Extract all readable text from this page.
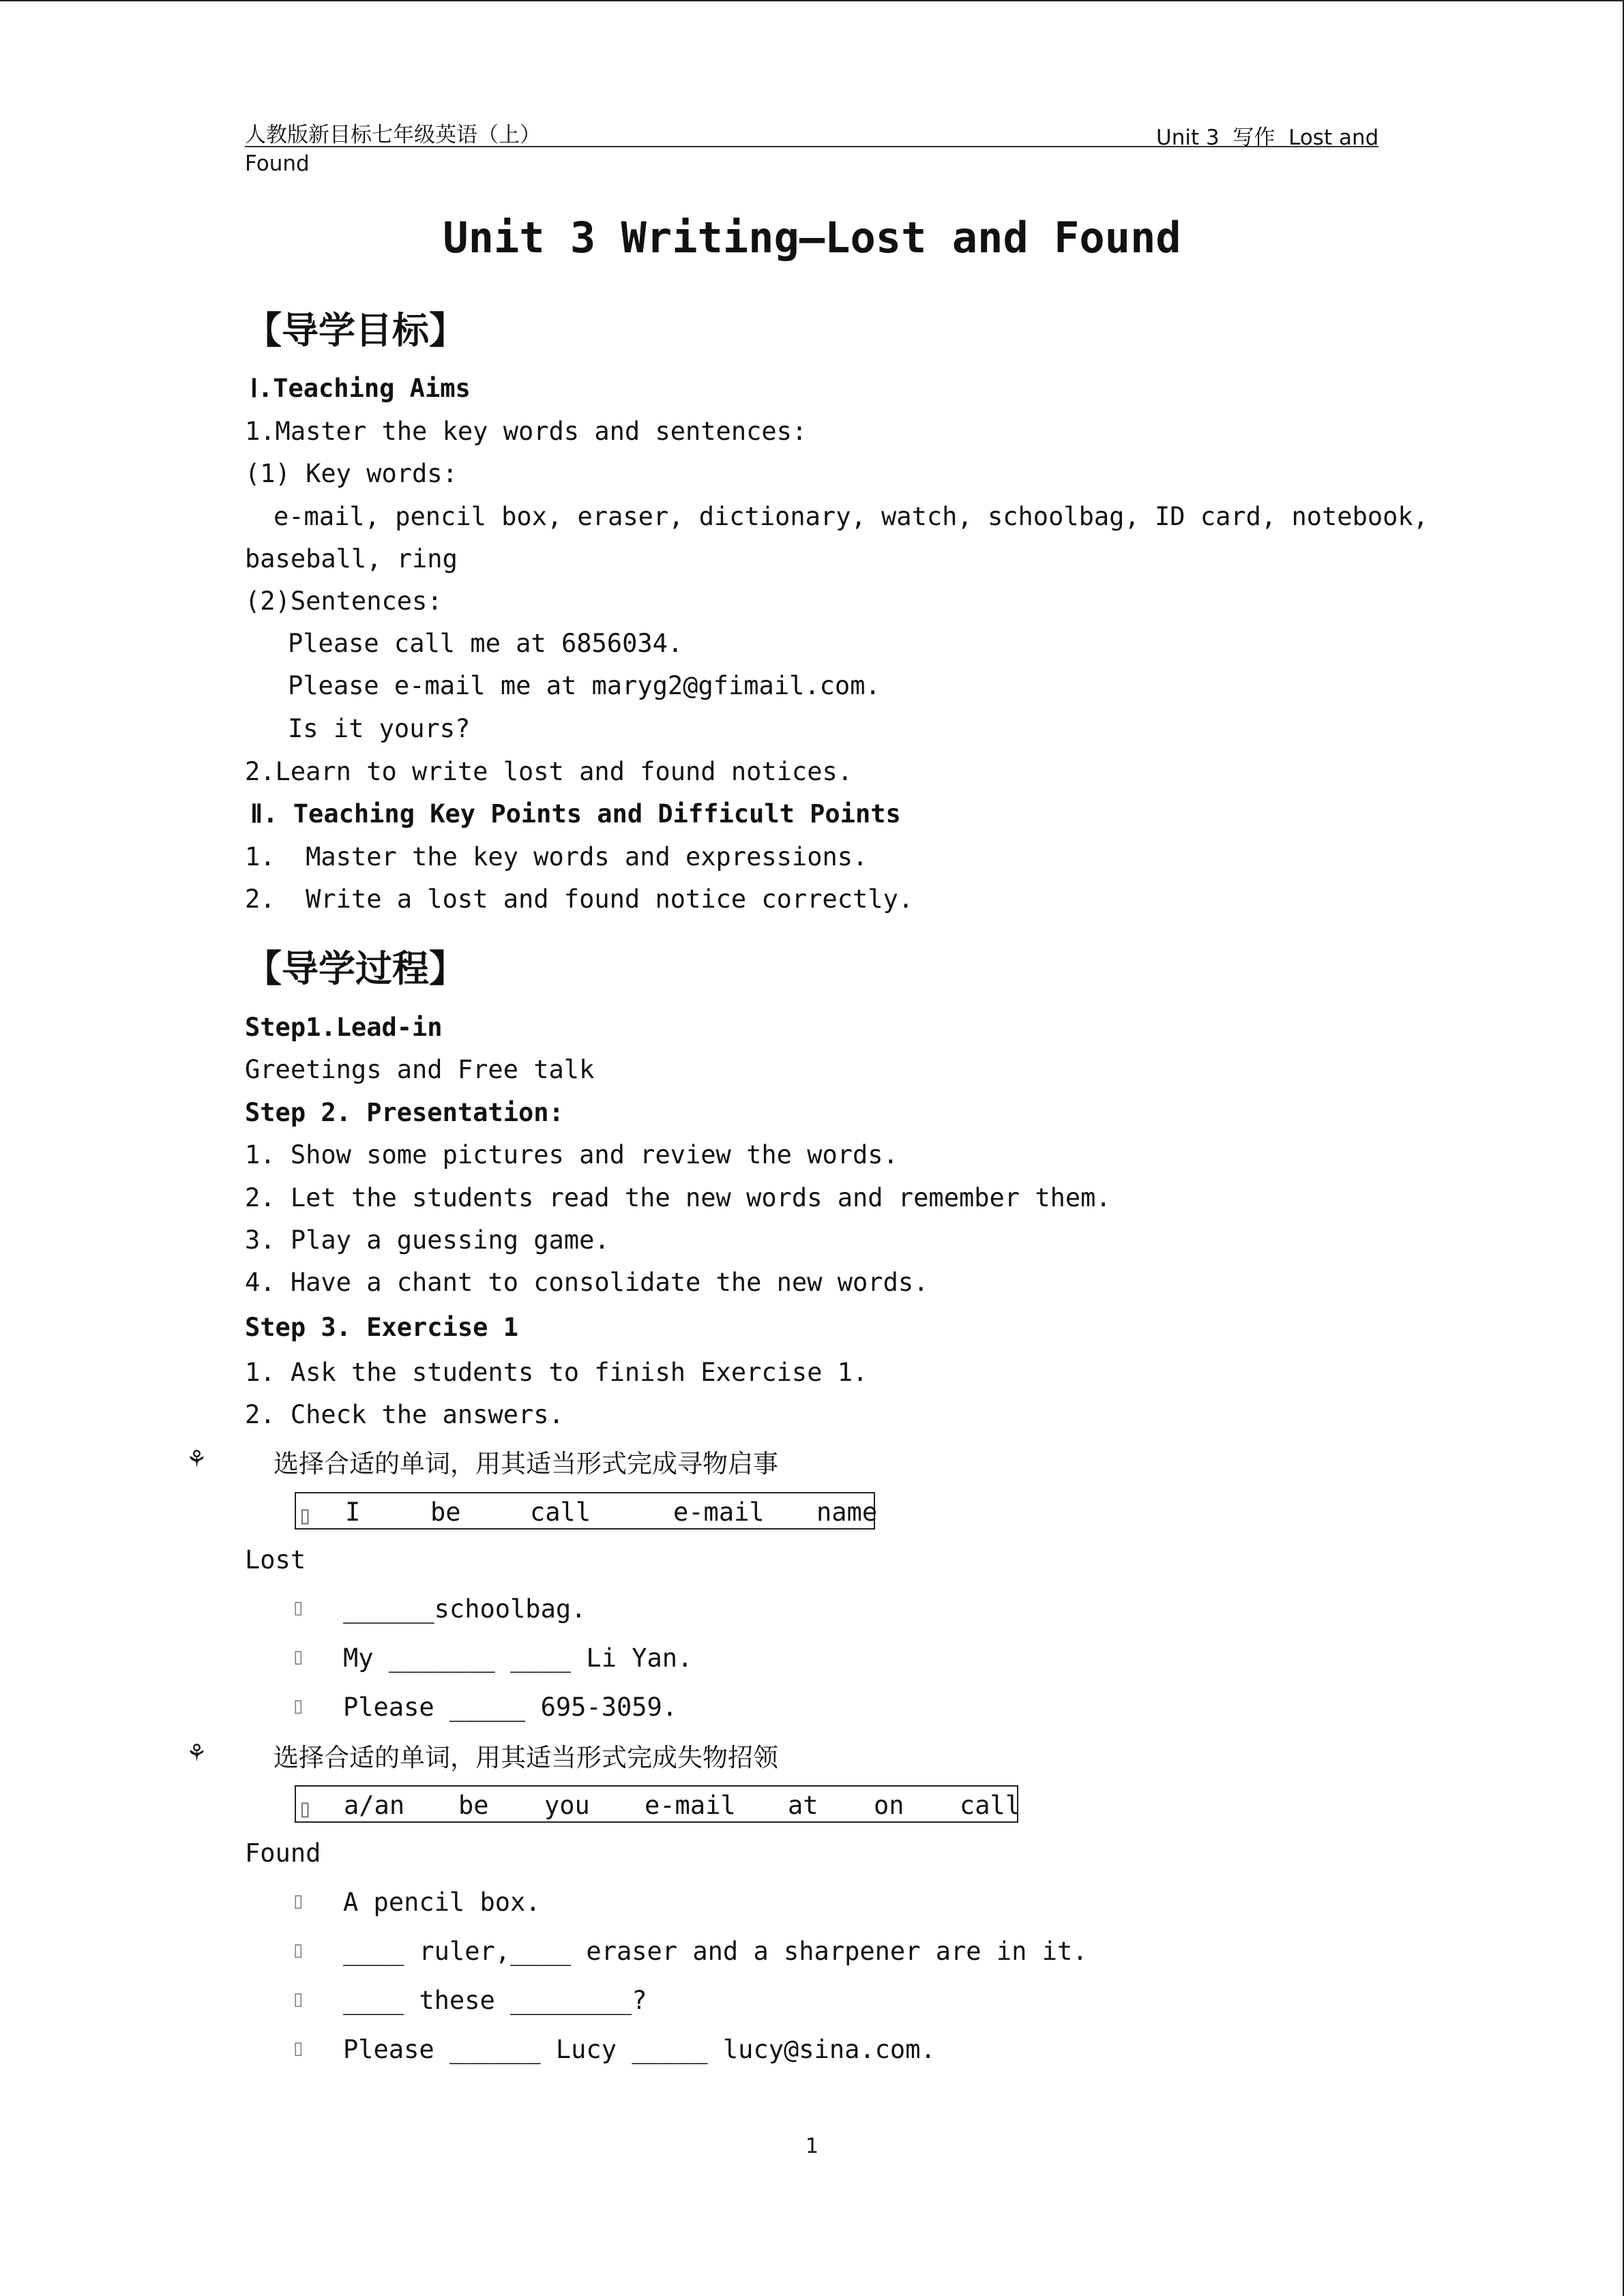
人教版新目标七年级英语（上）	Unit 3  写作  Lost and
Found
Unit 3 Writing—Lost and Found
【导学目标】
Ⅰ.Teaching Aims
1.Master the key words and sentences:
(1) Key words:
e-mail, pencil box, eraser, dictionary, watch, schoolbag, ID card, notebook,
baseball, ring
(2)Sentences:
Please call me at 6856034.
Please e-mail me at maryg2@gfimail.com.
Is it yours?
2.Learn to write lost and found notices.
Ⅱ. Teaching Key Points and Difficult Points
1.  Master the key words and expressions.
2.  Write a lost and found notice correctly.
【导学过程】
Step1.Lead-in
Greetings and Free talk
Step 2. Presentation:
1. Show some pictures and review the words.
2. Let the students read the new words and remember them.
3. Play a guessing game.
4. Have a chant to consolidate the new words.
Step 3. Exercise 1
1. Ask the students to finish Exercise 1.
2. Check the answers.
⚘	选择合适的单词，用其适当形式完成寻物启事
▯ I	be	call	e-mail name
Lost
▯ ______schoolbag.
▯ My _______ ____ Li Yan.
▯ Please _____ 695-3059.
⚘	选择合适的单词，用其适当形式完成失物招领
▯ a/an be you e-mail at on call
Found
▯ A pencil box.
▯ ____ ruler,____ eraser and a sharpener are in it.
▯ ____ these ________?
▯ Please ______ Lucy _____ lucy@sina.com.
1
